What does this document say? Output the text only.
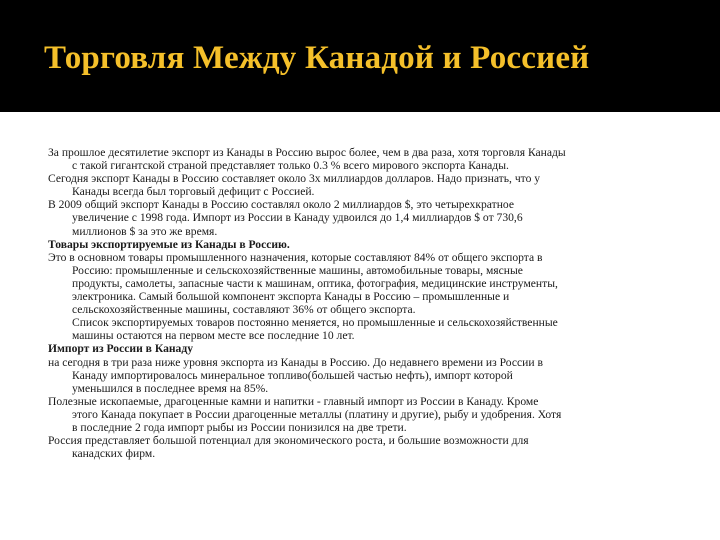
Торговля Между Канадой и Россией
За прошлое десятилетие экспорт из Канады в Россию вырос более, чем в два раза, хотя торговля Канады
с такой гигантской страной представляет только 0.3 % всего мирового экспорта Канады.
Сегодня экспорт Канады в Россию составляет около 3х миллиардов долларов. Надо признать, что у
Канады всегда был торговый дефицит с Россией.
В 2009 общий экспорт Канады в Россию составлял около 2 миллиардов $, это четырехкратное
увеличение с 1998 года. Импорт из России в Канаду удвоился до 1,4 миллиардов $ от 730,6
миллионов $ за это же время.
Товары экспортируемые из Канады в Россию.
Это в основном товары промышленного назначения, которые составляют 84% от общего экспорта в
Россию: промышленные и сельскохозяйственные машины, автомобильные товары, мясные
продукты, самолеты, запасные части к машинам, оптика, фотография, медицинские инструменты,
электроника. Самый большой компонент экспорта Канады в Россию – промышленные и
сельскохозяйственные машины, составляют 36% от общего экспорта.
Список экспортируемых товаров постоянно меняется, но промышленные и сельскохозяйственные
машины остаются на первом месте все последние 10 лет.
Импорт из России в Канаду
на сегодня в три раза ниже уровня экспорта из Канады в Россию. До недавнего времени из России в
Канаду импортировалось минеральное топливо(большей частью нефть), импорт которой
уменьшился в последнее время на 85%.
Полезные ископаемые, драгоценные камни и напитки - главный импорт из России в Канаду. Кроме
этого Канада покупает в России драгоценные металлы (платину и другие), рыбу и удобрения. Хотя
в последние 2 года импорт рыбы из России понизился на две трети.
Россия представляет большой потенциал для экономического роста, и большие возможности для
канадских фирм.
